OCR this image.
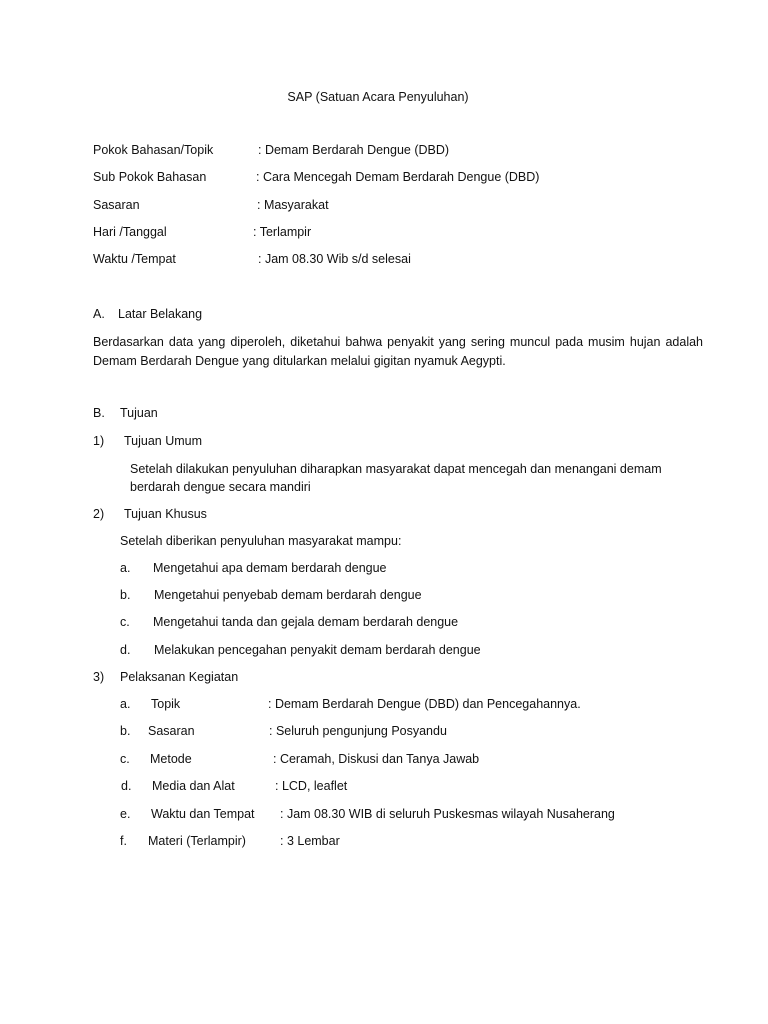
SAP (Satuan Acara Penyuluhan)
Pokok Bahasan/Topik	: Demam Berdarah Dengue (DBD)
Sub Pokok Bahasan	: Cara Mencegah Demam Berdarah Dengue (DBD)
Sasaran	: Masyarakat
Hari /Tanggal	: Terlampir
Waktu /Tempat	: Jam 08.30 Wib s/d selesai
A. Latar Belakang
Berdasarkan data yang diperoleh, diketahui bahwa penyakit yang sering muncul pada musim hujan adalah Demam Berdarah Dengue yang ditularkan melalui gigitan nyamuk Aegypti.
B. Tujuan
1) Tujuan Umum
Setelah dilakukan penyuluhan diharapkan masyarakat dapat mencegah dan menangani demam berdarah dengue secara mandiri
2) Tujuan Khusus
Setelah diberikan penyuluhan masyarakat mampu:
a. Mengetahui apa demam berdarah dengue
b. Mengetahui penyebab demam berdarah dengue
c. Mengetahui tanda dan gejala demam berdarah dengue
d. Melakukan pencegahan penyakit demam berdarah dengue
3) Pelaksanan Kegiatan
a. Topik	: Demam Berdarah Dengue (DBD) dan Pencegahannya.
b. Sasaran	: Seluruh pengunjung Posyandu
c. Metode	: Ceramah, Diskusi dan Tanya Jawab
d. Media dan Alat	: LCD, leaflet
e. Waktu dan Tempat : Jam 08.30 WIB di seluruh Puskesmas wilayah Nusaherang
f. Materi (Terlampir)	: 3 Lembar
